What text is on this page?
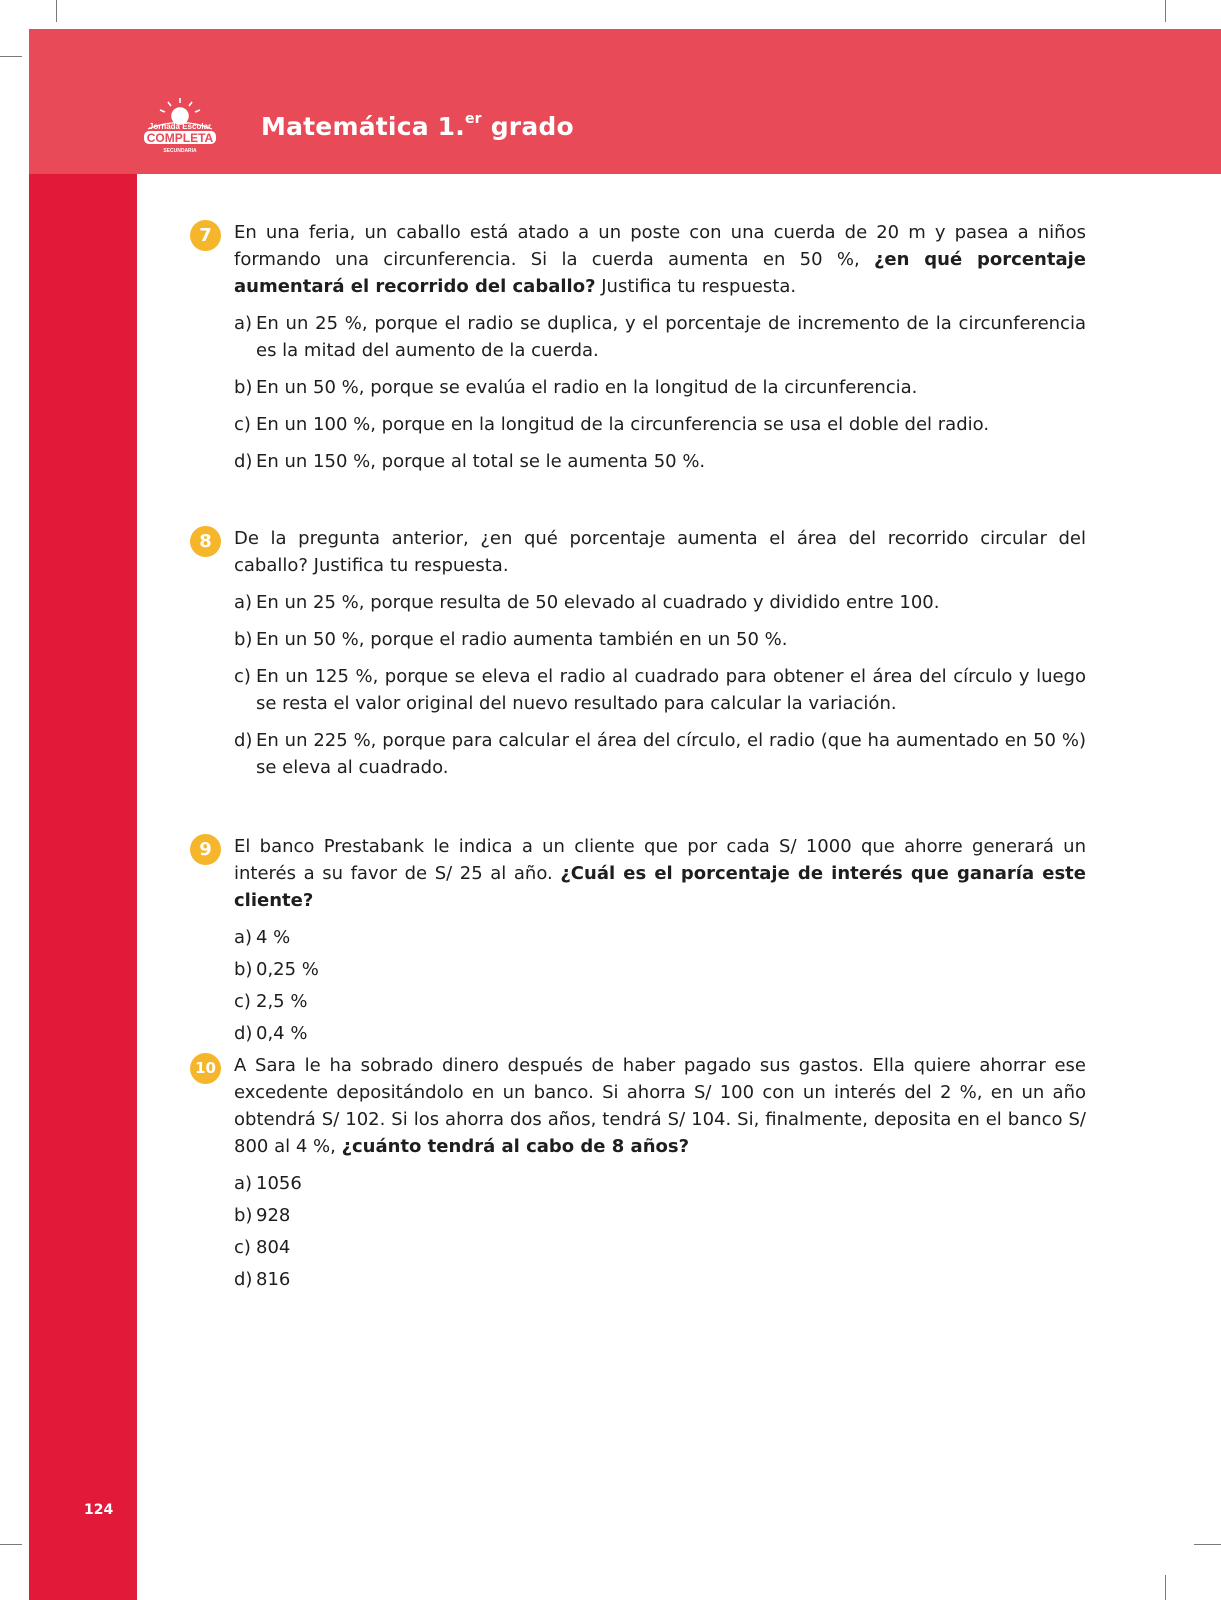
Jornada Escolar
COMPLETA
SECUNDARIA
Matemática 1.$^{er}$ grado
7	En una feria, un caballo está atado a un poste con una cuerda de 20 m y pasea a niños formando una circunferencia. Si la cuerda aumenta en 50 %, ¿en qué porcentaje aumentará el recorrido del caballo? Justifica tu respuesta.

a) En un 25 %, porque el radio se duplica, y el porcentaje de incremento de la circunferencia es la mitad del aumento de la cuerda.

b) En un 50 %, porque se evalúa el radio en la longitud de la circunferencia.

c) En un 100 %, porque en la longitud de la circunferencia se usa el doble del radio.

d) En un 150 %, porque al total se le aumenta 50 %.

8	De la pregunta anterior, ¿en qué porcentaje aumenta el área del recorrido circular del caballo? Justifica tu respuesta.

a) En un 25 %, porque resulta de 50 elevado al cuadrado y dividido entre 100.

b) En un 50 %, porque el radio aumenta también en un 50 %.

c) En un 125 %, porque se eleva el radio al cuadrado para obtener el área del círculo y luego se resta el valor original del nuevo resultado para calcular la variación.

d) En un 225 %, porque para calcular el área del círculo, el radio (que ha aumentado en 50 %) se eleva al cuadrado.

9	El banco Prestabank le indica a un cliente que por cada S/ 1000 que ahorre generará un interés a su favor de S/ 25 al año. ¿Cuál es el porcentaje de interés que ganaría este cliente?

a) 4 %

b) 0,25 %

c) 2,5 %

d) 0,4 %

10 A Sara le ha sobrado dinero después de haber pagado sus gastos. Ella quiere ahorrar ese excedente depositándolo en un banco. Si ahorra S/ 100 con un interés del 2 %, en un año obtendrá S/ 102. Si los ahorra dos años, tendrá S/ 104. Si, finalmente, deposita en el banco S/ 800 al 4 %, ¿cuánto tendrá al cabo de 8 años?

a) 1056

b) 928

c) 804

d) 816

124
